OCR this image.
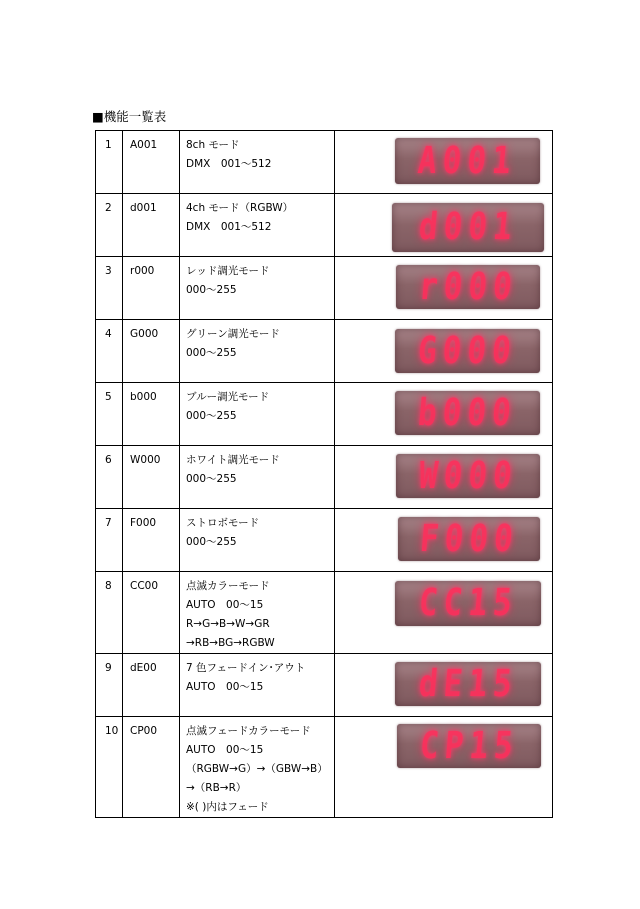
■機能一覧表
1	A001	8ch モード
DMX　001～512	A001

2	d001	4ch モード（RGBW）
DMX　001～512	d001

3	r000	レッド調光モード
000～255	r000

4	G000	グリーン調光モード
000～255	G000

5	b000	ブルー調光モード
000～255	b000

6	W000	ホワイト調光モード
000～255	W000

7	F000	ストロボモード
000～255	F000

8	CC00	点滅カラーモード
AUTO　00～15
R→G→B→W→GR
→RB→BG→RGBW	CC15

9	dE00	7 色フェードイン･アウト
AUTO　00～15	dE15

10	CP00	点滅フェードカラーモード
AUTO　00～15
（RGBW→G）→（GBW→B）
→（RB→R）
※( )内はフェード	CP15
